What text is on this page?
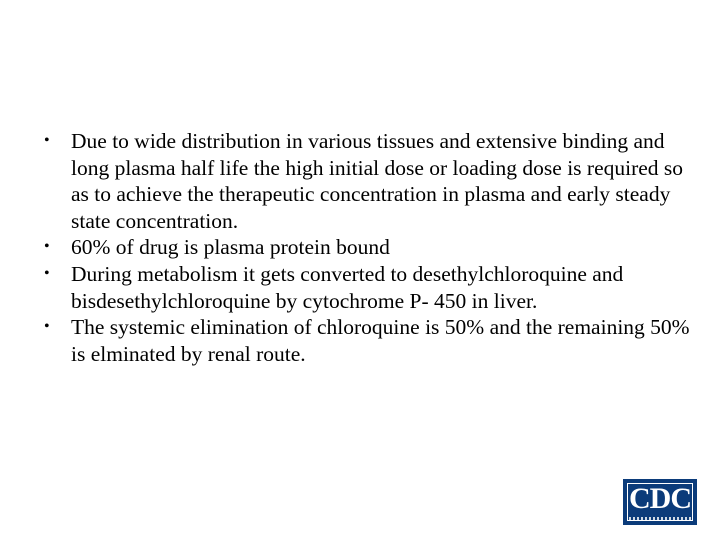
• Due to wide distribution in various tissues and extensive binding and long plasma half life the high initial dose or loading dose is required so as to achieve the therapeutic concentration in plasma and early steady state concentration.
• 60% of drug is plasma protein bound
• During metabolism it gets converted to desethylchloroquine and bisdesethylchloroquine by cytochrome P- 450 in liver.
• The systemic elimination of chloroquine is 50% and the remaining 50% is elminated by renal route.
CDC
